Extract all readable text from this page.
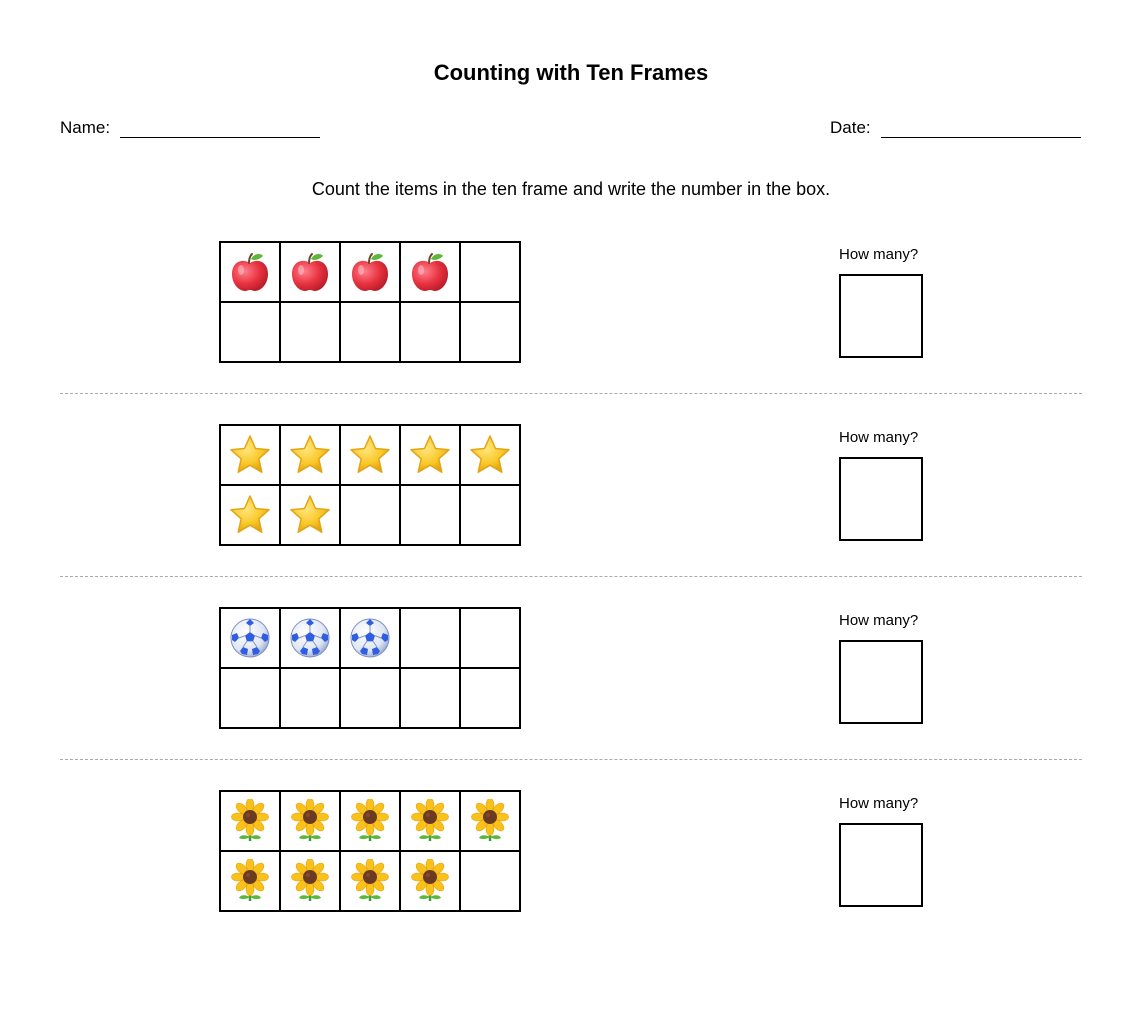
Counting with Ten Frames
Name:	Date:
Count the items in the ten frame and write the number in the box.
How many?
How many?
How many?
How many?
